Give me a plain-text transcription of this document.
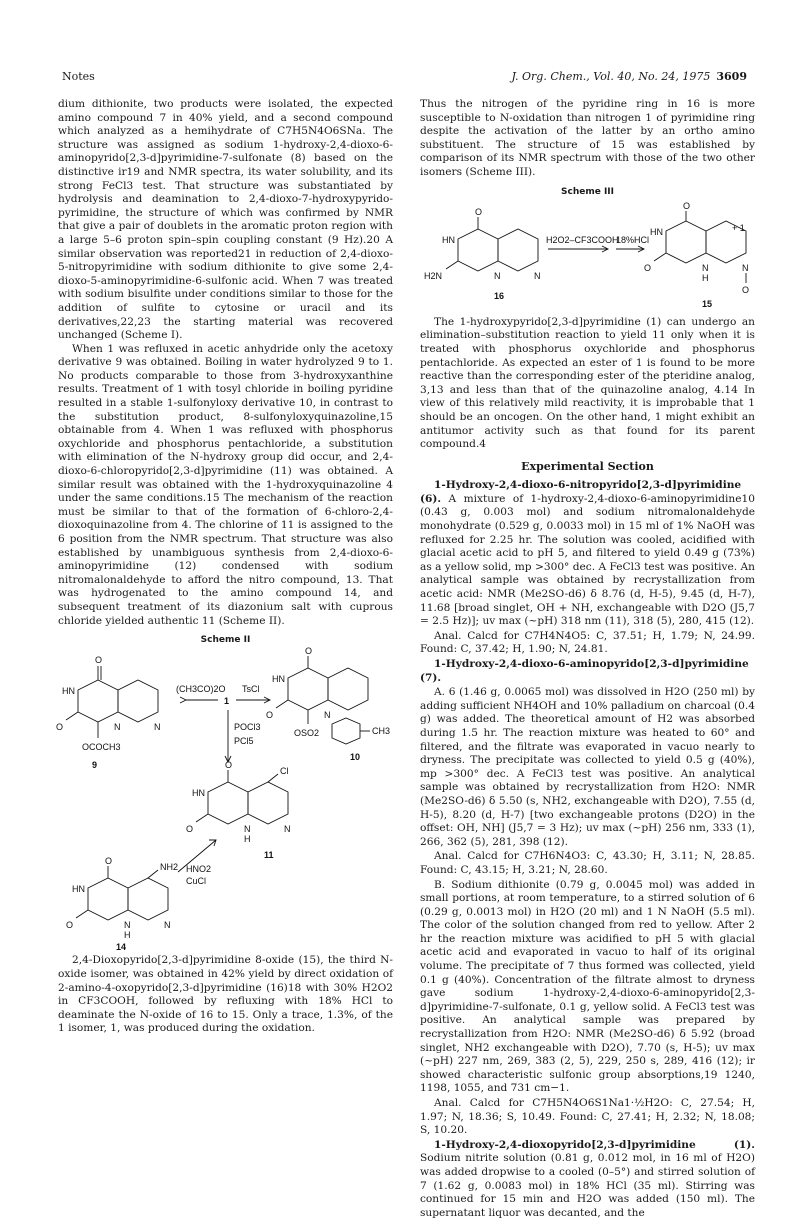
Notes	J. Org. Chem., Vol. 40, No. 24, 1975 3609

dium dithionite, two products were isolated, the expected amino compound 7 in 40% yield, and a second compound which analyzed as a hemihydrate of C7H5N4O6SNa. The structure was assigned as sodium 1-hydroxy-2,4-dioxo-6-aminopyrido[2,3-d]pyrimidine-7-sulfonate (8) based on the distinctive ir19 and NMR spectra, its water solubility, and its strong FeCl3 test. That structure was substantiated by hydrolysis and deamination to 2,4-dioxo-7-hydroxypyrido-pyrimidine, the structure of which was confirmed by NMR that give a pair of doublets in the aromatic proton region with a large 5–6 proton spin–spin coupling constant (9 Hz).20 A similar observation was reported21 in reduction of 2,4-dioxo-5-nitropyrimidine with sodium dithionite to give some 2,4-dioxo-5-aminopyrimidine-6-sulfonic acid. When 7 was treated with sodium bisulfite under conditions similar to those for the addition of sulfite to cytosine or uracil and its derivatives,22,23 the starting material was recovered unchanged (Scheme I).

When 1 was refluxed in acetic anhydride only the acetoxy derivative 9 was obtained. Boiling in water hydrolyzed 9 to 1. No products comparable to those from 3-hydroxyxanthine results. Treatment of 1 with tosyl chloride in boiling pyridine resulted in a stable 1-sulfonyloxy derivative 10, in contrast to the substitution product, 8-sulfonyloxyquinazoline,15 obtainable from 4. When 1 was refluxed with phosphorus oxychloride and phosphorus pentachloride, a substitution with elimination of the N-hydroxy group did occur, and 2,4-dioxo-6-chloropyrido[2,3-d]pyrimidine (11) was obtained. A similar result was obtained with the 1-hydroxyquinazoline 4 under the same conditions.15 The mechanism of the reaction must be similar to that of the formation of 6-chloro-2,4-dioxoquinazoline from 4. The chlorine of 11 is assigned to the 6 position from the NMR spectrum. That structure was also established by unambiguous synthesis from 2,4-dioxo-6-aminopyrimidine (12) condensed with sodium nitromalonaldehyde to afford the nitro compound, 13. That was hydrogenated to the amino compound 14, and subsequent treatment of its diazonium salt with cuprous chloride yielded authentic 11 (Scheme II).

Scheme II
O
HN
N	N
O
OCOCH3
9
(CH3CO)2O
1
TsCl
O
HN
N
O
OSO2	CH3
10
POCl3
PCl5
O
HN
N	N
H
O
Cl
11
HNO2
CuCl
O
HN
N
H
N
O
NH2
14

2,4-Dioxopyrido[2,3-d]pyrimidine 8-oxide (15), the third N-oxide isomer, was obtained in 42% yield by direct oxidation of 2-amino-4-oxopyrido[2,3-d]pyrimidine (16)18 with 30% H2O2 in CF3COOH, followed by refluxing with 18% HCl to deaminate the N-oxide of 16 to 15. Only a trace, 1.3%, of the 1 isomer, 1, was produced during the oxidation.

Thus the nitrogen of the pyridine ring in 16 is more susceptible to N-oxidation than nitrogen 1 of pyrimidine ring despite the activation of the latter by an ortho amino substituent. The structure of 15 was established by comparison of its NMR spectrum with those of the two other isomers (Scheme III).

Scheme III
O
HN
N	N
H2N
16
H2O2–CF3COOH
18%HCl
O
HN
N
H
N
O
O
15
+ 1

The 1-hydroxypyrido[2,3-d]pyrimidine (1) can undergo an elimination–substitution reaction to yield 11 only when it is treated with phosphorus oxychloride and phosphorus pentachloride. As expected an ester of 1 is found to be more reactive than the corresponding ester of the pteridine analog, 3,13 and less than that of the quinazoline analog, 4.14 In view of this relatively mild reactivity, it is improbable that 1 should be an oncogen. On the other hand, 1 might exhibit an antitumor activity such as that found for its parent compound.4

Experimental Section

1-Hydroxy-2,4-dioxo-6-nitropyrido[2,3-d]pyrimidine (6). A mixture of 1-hydroxy-2,4-dioxo-6-aminopyrimidine10 (0.43 g, 0.003 mol) and sodium nitromalonaldehyde monohydrate (0.529 g, 0.0033 mol) in 15 ml of 1% NaOH was refluxed for 2.25 hr. The solution was cooled, acidified with glacial acetic acid to pH 5, and filtered to yield 0.49 g (73%) as a yellow solid, mp >300° dec. A FeCl3 test was positive. An analytical sample was obtained by recrystallization from acetic acid: NMR (Me2SO-d6) δ 8.76 (d, H-5), 9.45 (d, H-7), 11.68 [broad singlet, OH + NH, exchangeable with D2O (J5,7 = 2.5 Hz)]; uv max (~pH) 318 nm (11), 318 (5), 280, 415 (12).

Anal. Calcd for C7H4N4O5: C, 37.51; H, 1.79; N, 24.99. Found: C, 37.42; H, 1.90; N, 24.81.

1-Hydroxy-2,4-dioxo-6-aminopyrido[2,3-d]pyrimidine (7).

A. 6 (1.46 g, 0.0065 mol) was dissolved in H2O (250 ml) by adding sufficient NH4OH and 10% palladium on charcoal (0.4 g) was added. The theoretical amount of H2 was absorbed during 1.5 hr. The reaction mixture was heated to 60° and filtered, and the filtrate was evaporated in vacuo nearly to dryness. The precipitate was collected to yield 0.5 g (40%), mp >300° dec. A FeCl3 test was positive. An analytical sample was obtained by recrystallization from H2O: NMR (Me2SO-d6) δ 5.50 (s, NH2, exchangeable with D2O), 7.55 (d, H-5), 8.20 (d, H-7) [two exchangeable protons (D2O) in the offset: OH, NH] (J5,7 = 3 Hz); uv max (~pH) 256 nm, 333 (1), 266, 362 (5), 281, 398 (12).

Anal. Calcd for C7H6N4O3: C, 43.30; H, 3.11; N, 28.85. Found: C, 43.15; H, 3.21; N, 28.60.

B. Sodium dithionite (0.79 g, 0.0045 mol) was added in small portions, at room temperature, to a stirred solution of 6 (0.29 g, 0.0013 mol) in H2O (20 ml) and 1 N NaOH (5.5 ml). The color of the solution changed from red to yellow. After 2 hr the reaction mixture was acidified to pH 5 with glacial acetic acid and evaporated in vacuo to half of its original volume. The precipitate of 7 thus formed was collected, yield 0.1 g (40%). Concentration of the filtrate almost to dryness gave sodium 1-hydroxy-2,4-dioxo-6-aminopyrido[2,3-d]pyrimidine-7-sulfonate, 0.1 g, yellow solid. A FeCl3 test was positive. An analytical sample was prepared by recrystallization from H2O: NMR (Me2SO-d6) δ 5.92 (broad singlet, NH2 exchangeable with D2O), 7.70 (s, H-5); uv max (~pH) 227 nm, 269, 383 (2, 5), 229, 250 s, 289, 416 (12); ir showed characteristic sulfonic group absorptions,19 1240, 1198, 1055, and 731 cm−1.

Anal. Calcd for C7H5N4O6S1Na1·½H2O: C, 27.54; H, 1.97; N, 18.36; S, 10.49. Found: C, 27.41; H, 2.32; N, 18.08; S, 10.20.

1-Hydroxy-2,4-dioxopyrido[2,3-d]pyrimidine (1). Sodium nitrite solution (0.81 g, 0.012 mol, in 16 ml of H2O) was added dropwise to a cooled (0–5°) and stirred solution of 7 (1.62 g, 0.0083 mol) in 18% HCl (35 ml). Stirring was continued for 15 min and H2O was added (150 ml). The supernatant liquor was decanted, and the
